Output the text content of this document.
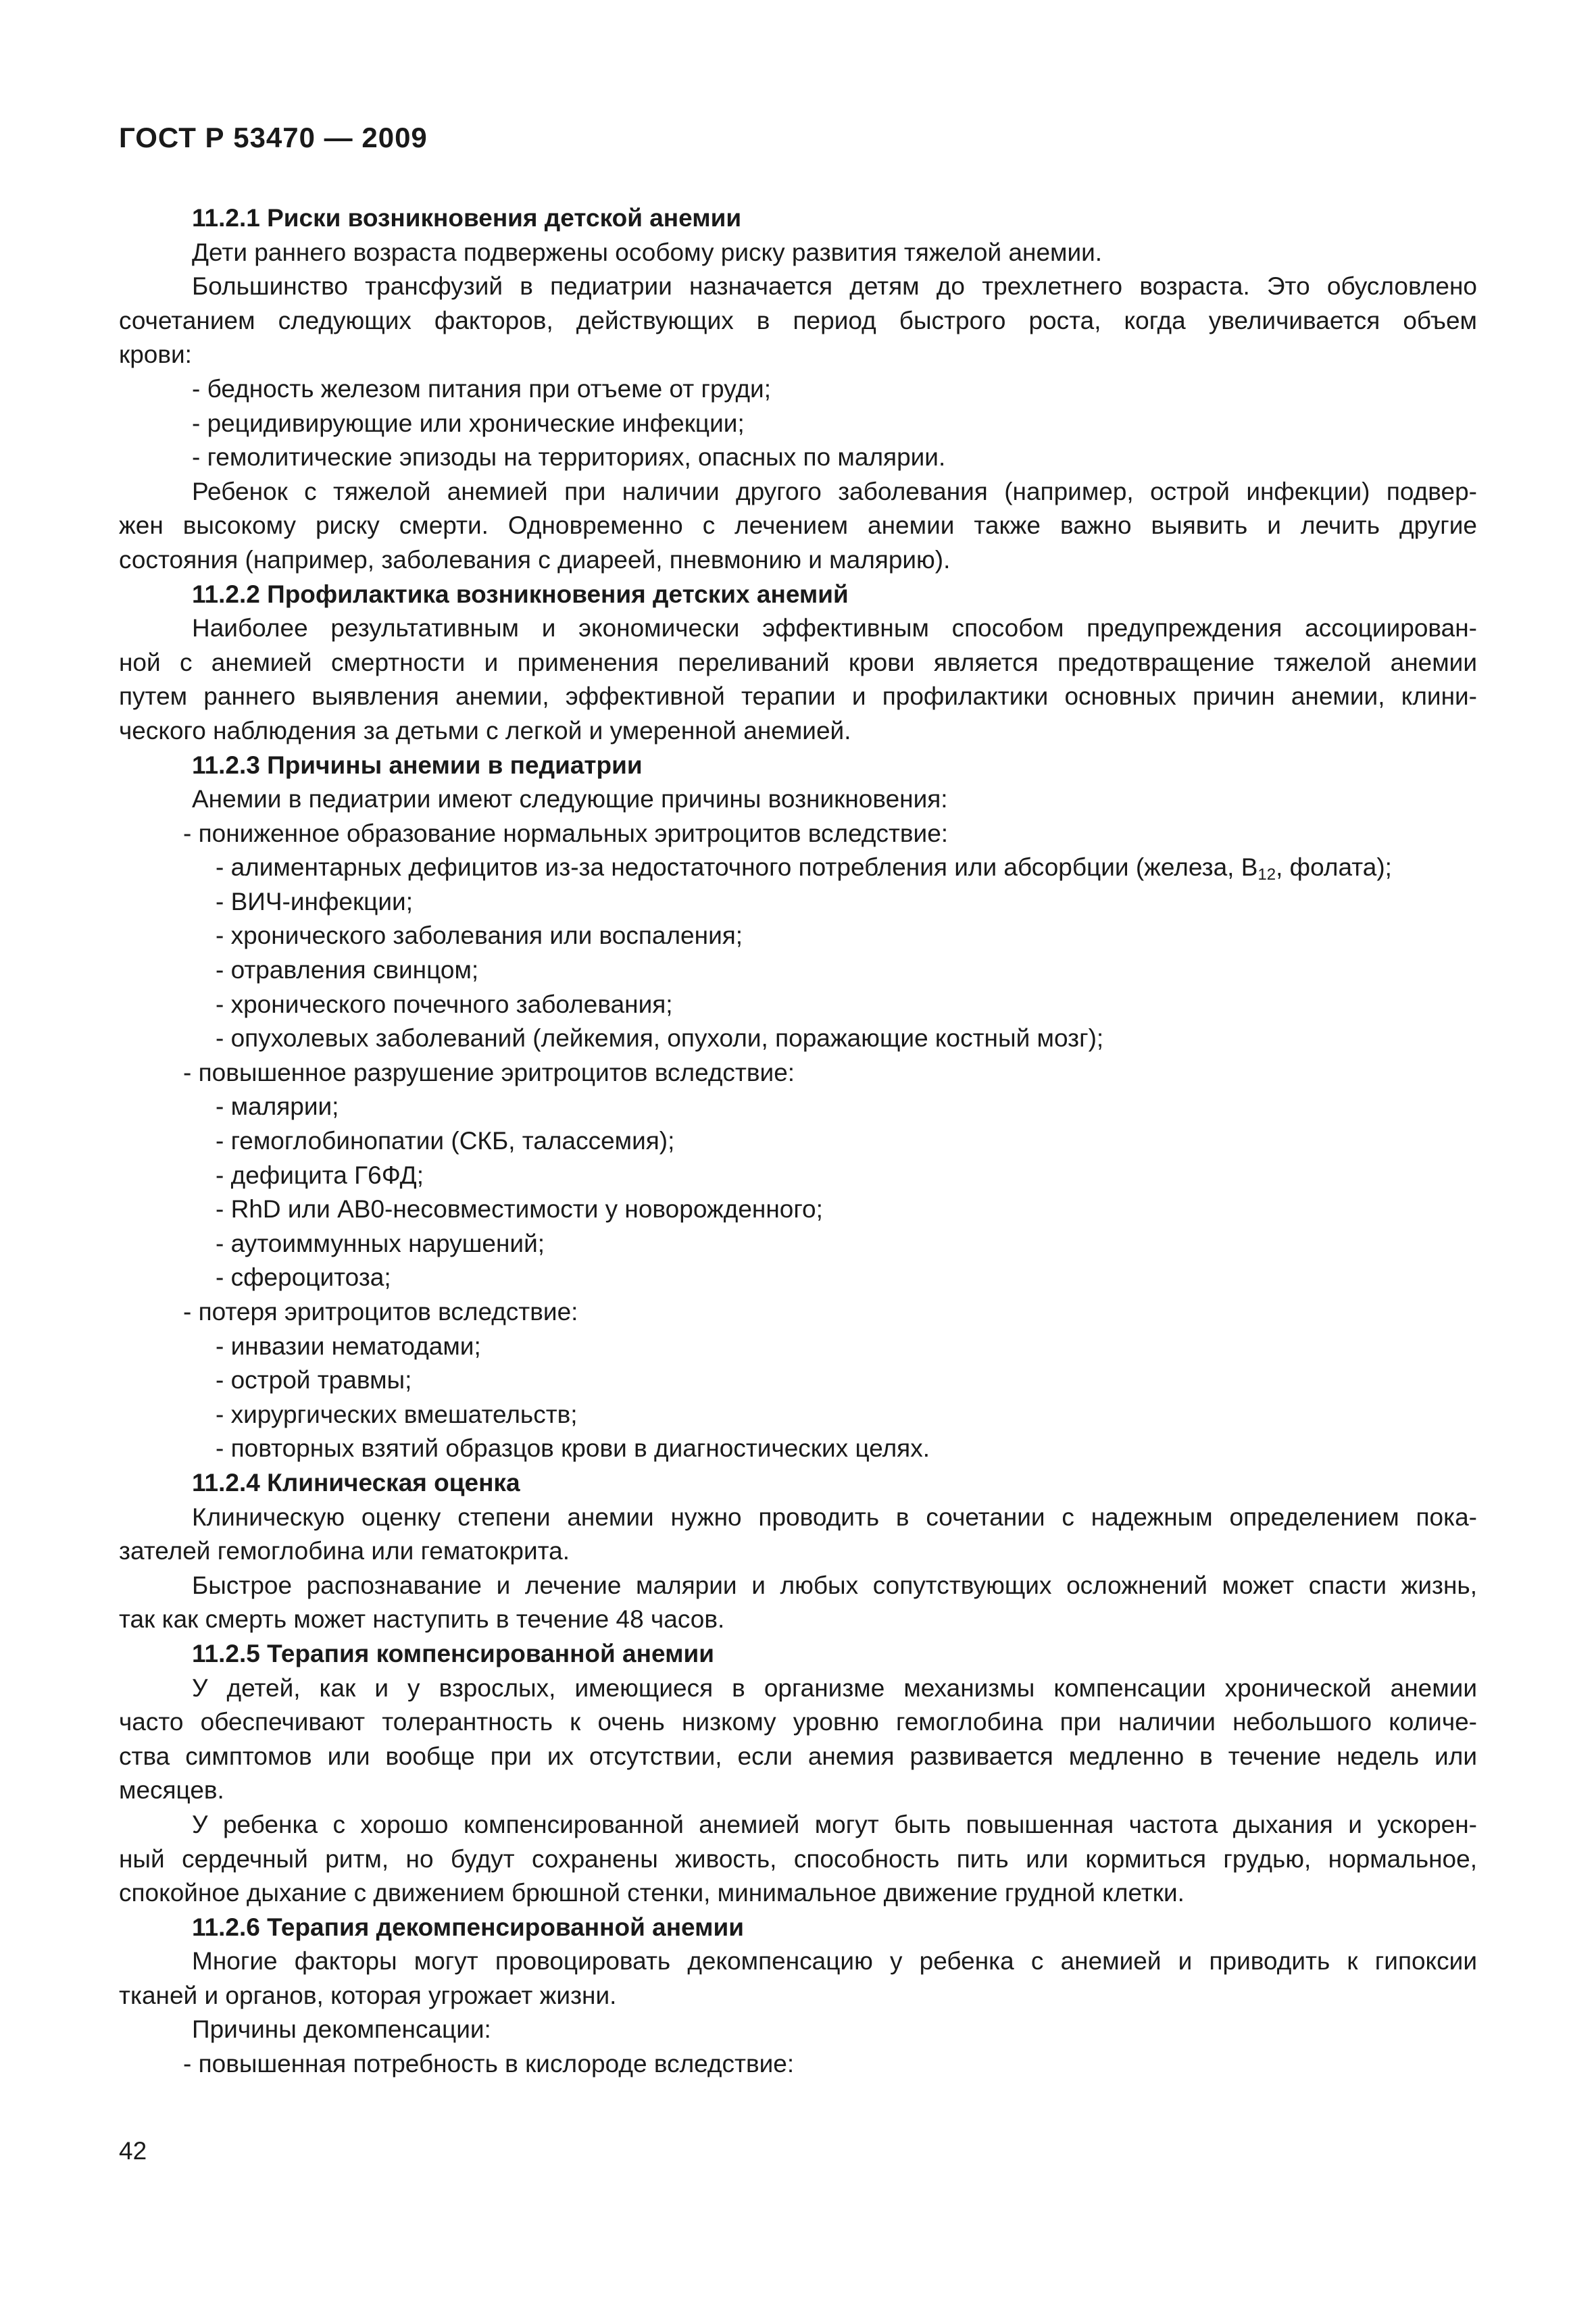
ГОСТ Р 53470 — 2009
11.2.1 Риски возникновения детской анемии
Дети раннего возраста подвержены особому риску развития тяжелой анемии.
Большинство трансфузий в педиатрии назначается детям до трехлетнего возраста. Это обусловлено
сочетанием следующих факторов, действующих в период быстрого роста, когда увеличивается объем
крови:
- бедность железом питания при отъеме от груди;
- рецидивирующие или хронические инфекции;
- гемолитические эпизоды на территориях, опасных по малярии.
Ребенок с тяжелой анемией при наличии другого заболевания (например, острой инфекции) подвер-
жен высокому риску смерти. Одновременно с лечением анемии также важно выявить и лечить другие
состояния (например, заболевания с диареей, пневмонию и малярию).
11.2.2 Профилактика возникновения детских анемий
Наиболее результативным и экономически эффективным способом предупреждения ассоциирован-
ной с анемией смертности и применения переливаний крови является предотвращение тяжелой анемии
путем раннего выявления анемии, эффективной терапии и профилактики основных причин анемии, клини-
ческого наблюдения за детьми с легкой и умеренной анемией.
11.2.3 Причины анемии в педиатрии
Анемии в педиатрии имеют следующие причины возникновения:
- пониженное образование нормальных эритроцитов вследствие:
- алиментарных дефицитов из-за недостаточного потребления или абсорбции (железа, $В_{12}$, фолата);
- ВИЧ-инфекции;
- хронического заболевания или воспаления;
- отравления свинцом;
- хронического почечного заболевания;
- опухолевых заболеваний (лейкемия, опухоли, поражающие костный мозг);
- повышенное разрушение эритроцитов вследствие:
- малярии;
- гемоглобинопатии (СКБ, талассемия);
- дефицита Г6ФД;
- RhD или АВ0-несовместимости у новорожденного;
- аутоиммунных нарушений;
- сфероцитоза;
- потеря эритроцитов вследствие:
- инвазии нематодами;
- острой травмы;
- хирургических вмешательств;
- повторных взятий образцов крови в диагностических целях.
11.2.4 Клиническая оценка
Клиническую оценку степени анемии нужно проводить в сочетании с надежным определением пока-
зателей гемоглобина или гематокрита.
Быстрое распознавание и лечение малярии и любых сопутствующих осложнений может спасти жизнь,
так как смерть может наступить в течение 48 часов.
11.2.5 Терапия компенсированной анемии
У детей, как и у взрослых, имеющиеся в организме механизмы компенсации хронической анемии
часто обеспечивают толерантность к очень низкому уровню гемоглобина при наличии небольшого количе-
ства симптомов или вообще при их отсутствии, если анемия развивается медленно в течение недель или
месяцев.
У ребенка с хорошо компенсированной анемией могут быть повышенная частота дыхания и ускорен-
ный сердечный ритм, но будут сохранены живость, способность пить или кормиться грудью, нормальное,
спокойное дыхание с движением брюшной стенки, минимальное движение грудной клетки.
11.2.6 Терапия декомпенсированной анемии
Многие факторы могут провоцировать декомпенсацию у ребенка с анемией и приводить к гипоксии
тканей и органов, которая угрожает жизни.
Причины декомпенсации:
- повышенная потребность в кислороде вследствие:
42
